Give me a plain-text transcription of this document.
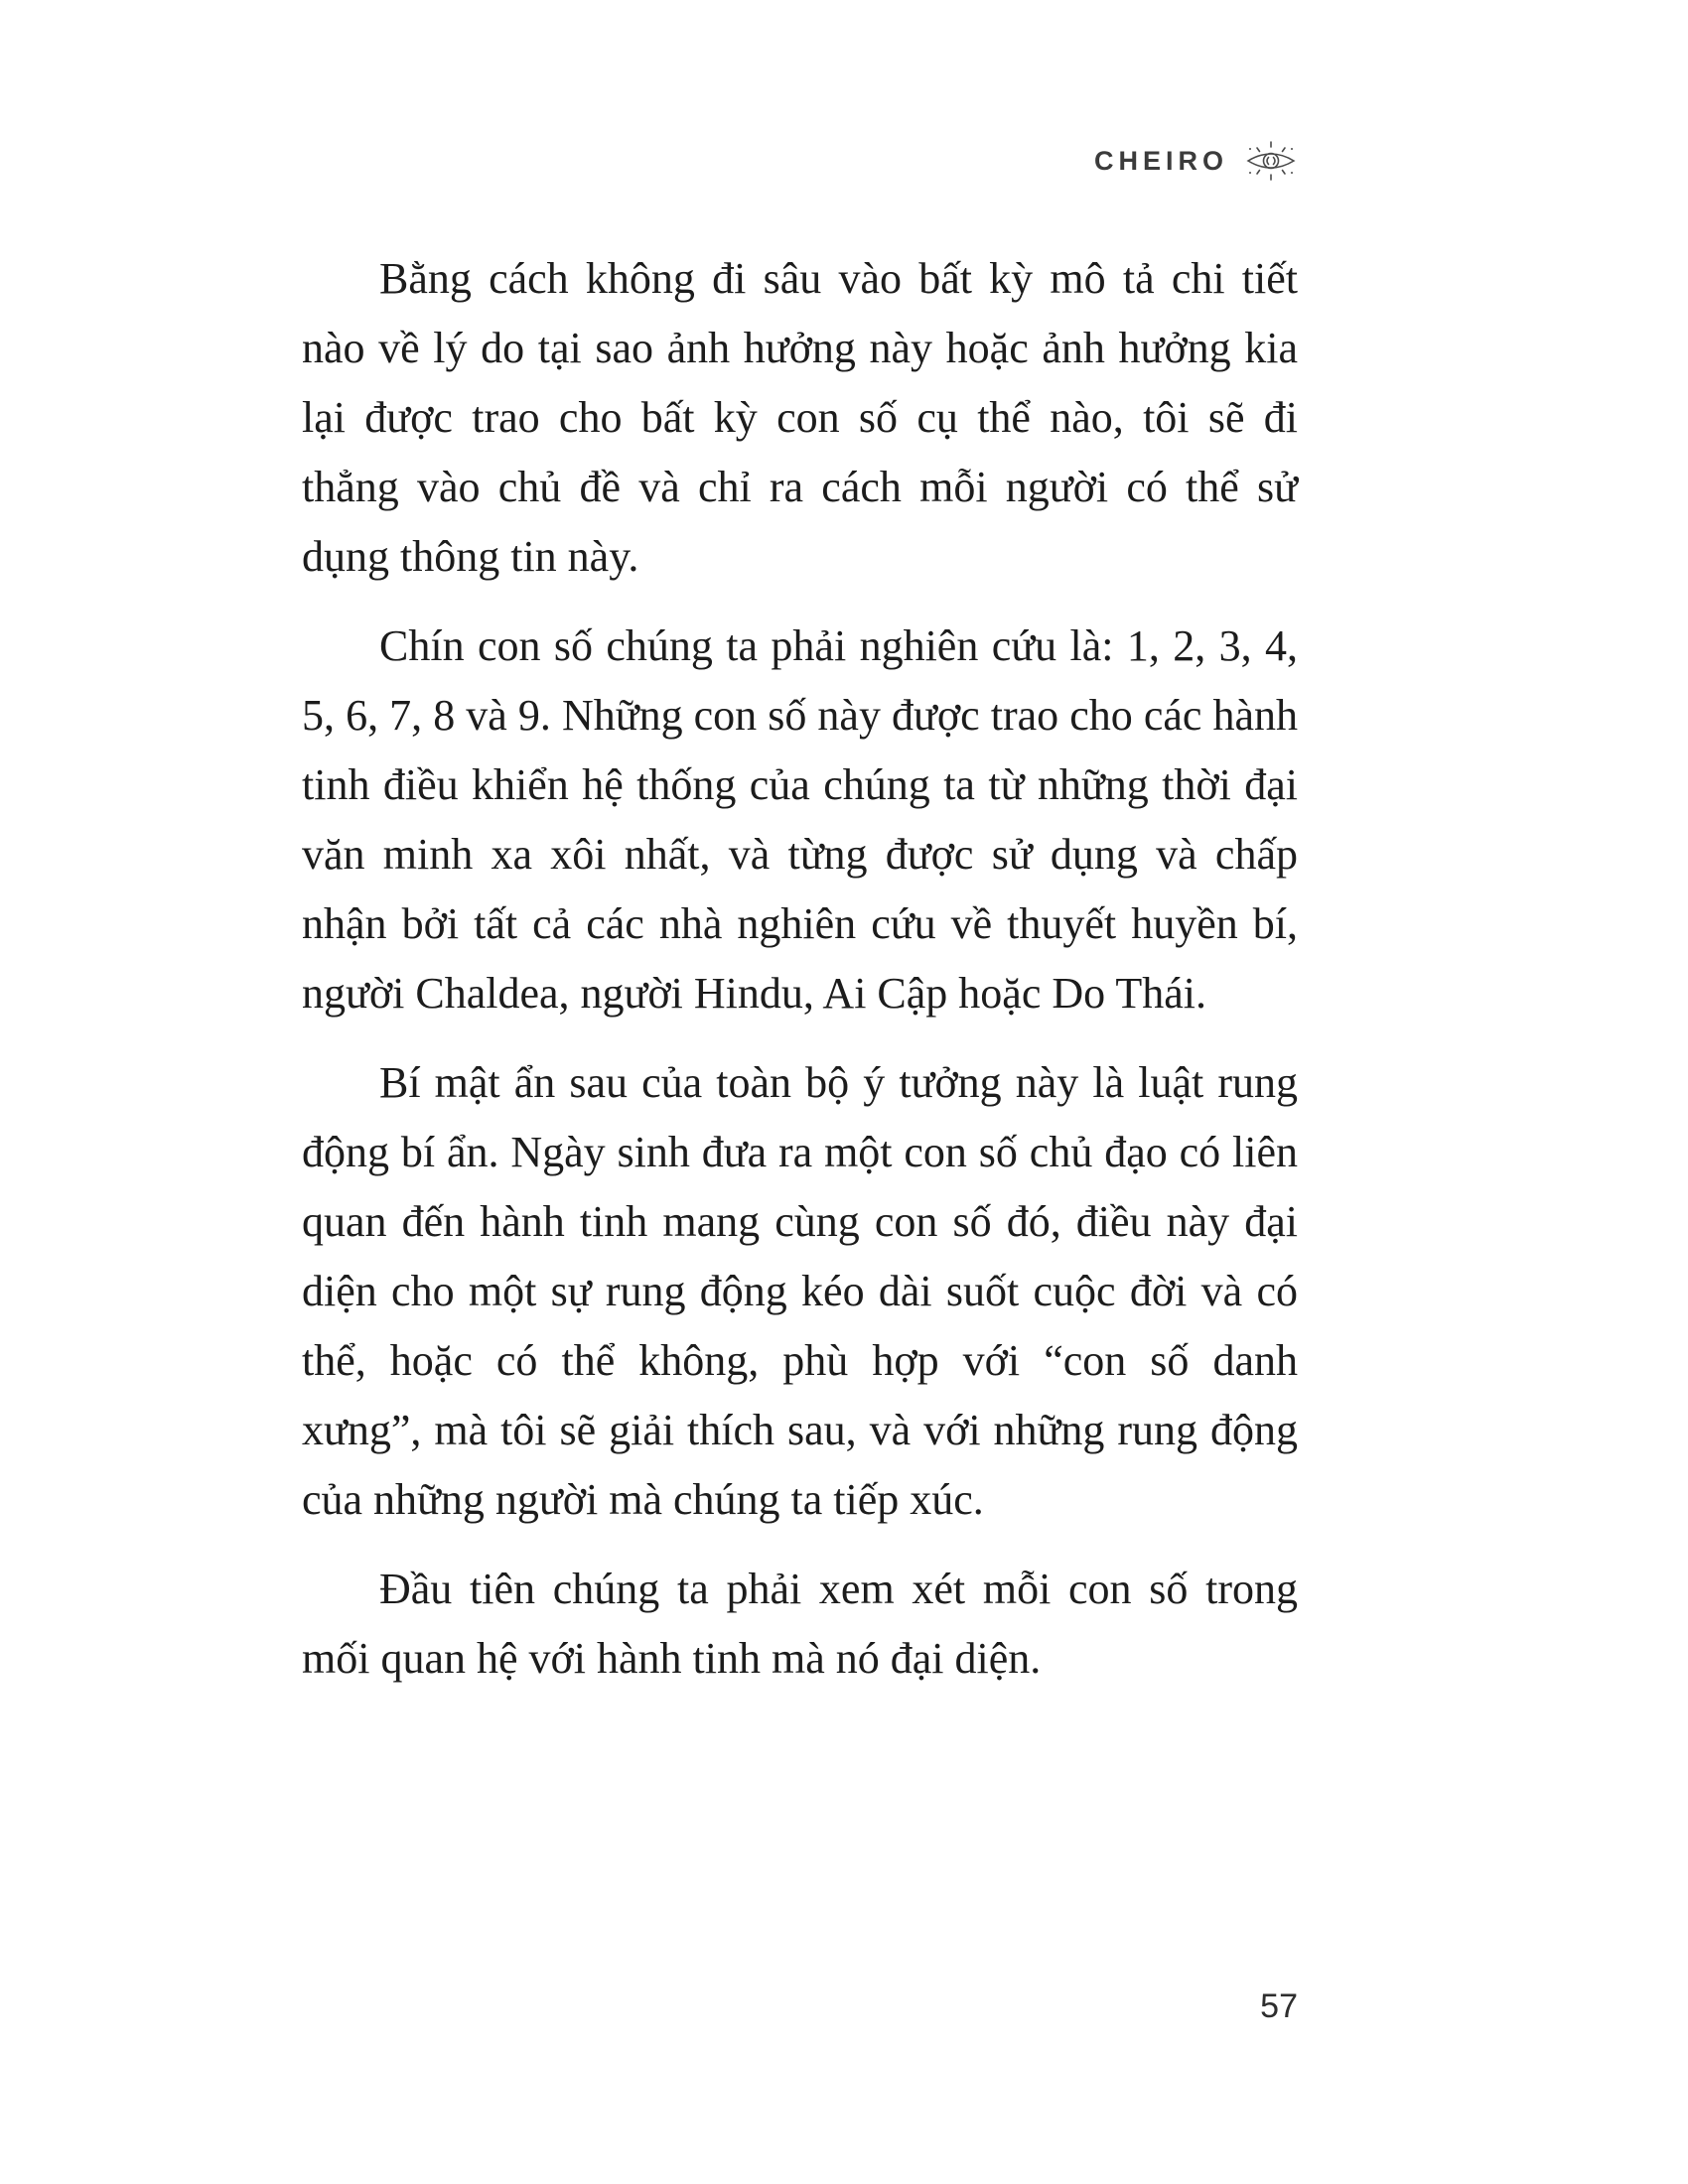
CHEIRO

Bằng cách không đi sâu vào bất kỳ mô tả chi tiết nào về lý do tại sao ảnh hưởng này hoặc ảnh hưởng kia lại được trao cho bất kỳ con số cụ thể nào, tôi sẽ đi thẳng vào chủ đề và chỉ ra cách mỗi người có thể sử dụng thông tin này.

Chín con số chúng ta phải nghiên cứu là: 1, 2, 3, 4, 5, 6, 7, 8 và 9. Những con số này được trao cho các hành tinh điều khiển hệ thống của chúng ta từ những thời đại văn minh xa xôi nhất, và từng được sử dụng và chấp nhận bởi tất cả các nhà nghiên cứu về thuyết huyền bí, người Chaldea, người Hindu, Ai Cập hoặc Do Thái.

Bí mật ẩn sau của toàn bộ ý tưởng này là luật rung động bí ẩn. Ngày sinh đưa ra một con số chủ đạo có liên quan đến hành tinh mang cùng con số đó, điều này đại diện cho một sự rung động kéo dài suốt cuộc đời và có thể, hoặc có thể không, phù hợp với “con số danh xưng”, mà tôi sẽ giải thích sau, và với những rung động của những người mà chúng ta tiếp xúc.

Đầu tiên chúng ta phải xem xét mỗi con số trong mối quan hệ với hành tinh mà nó đại diện.

57
